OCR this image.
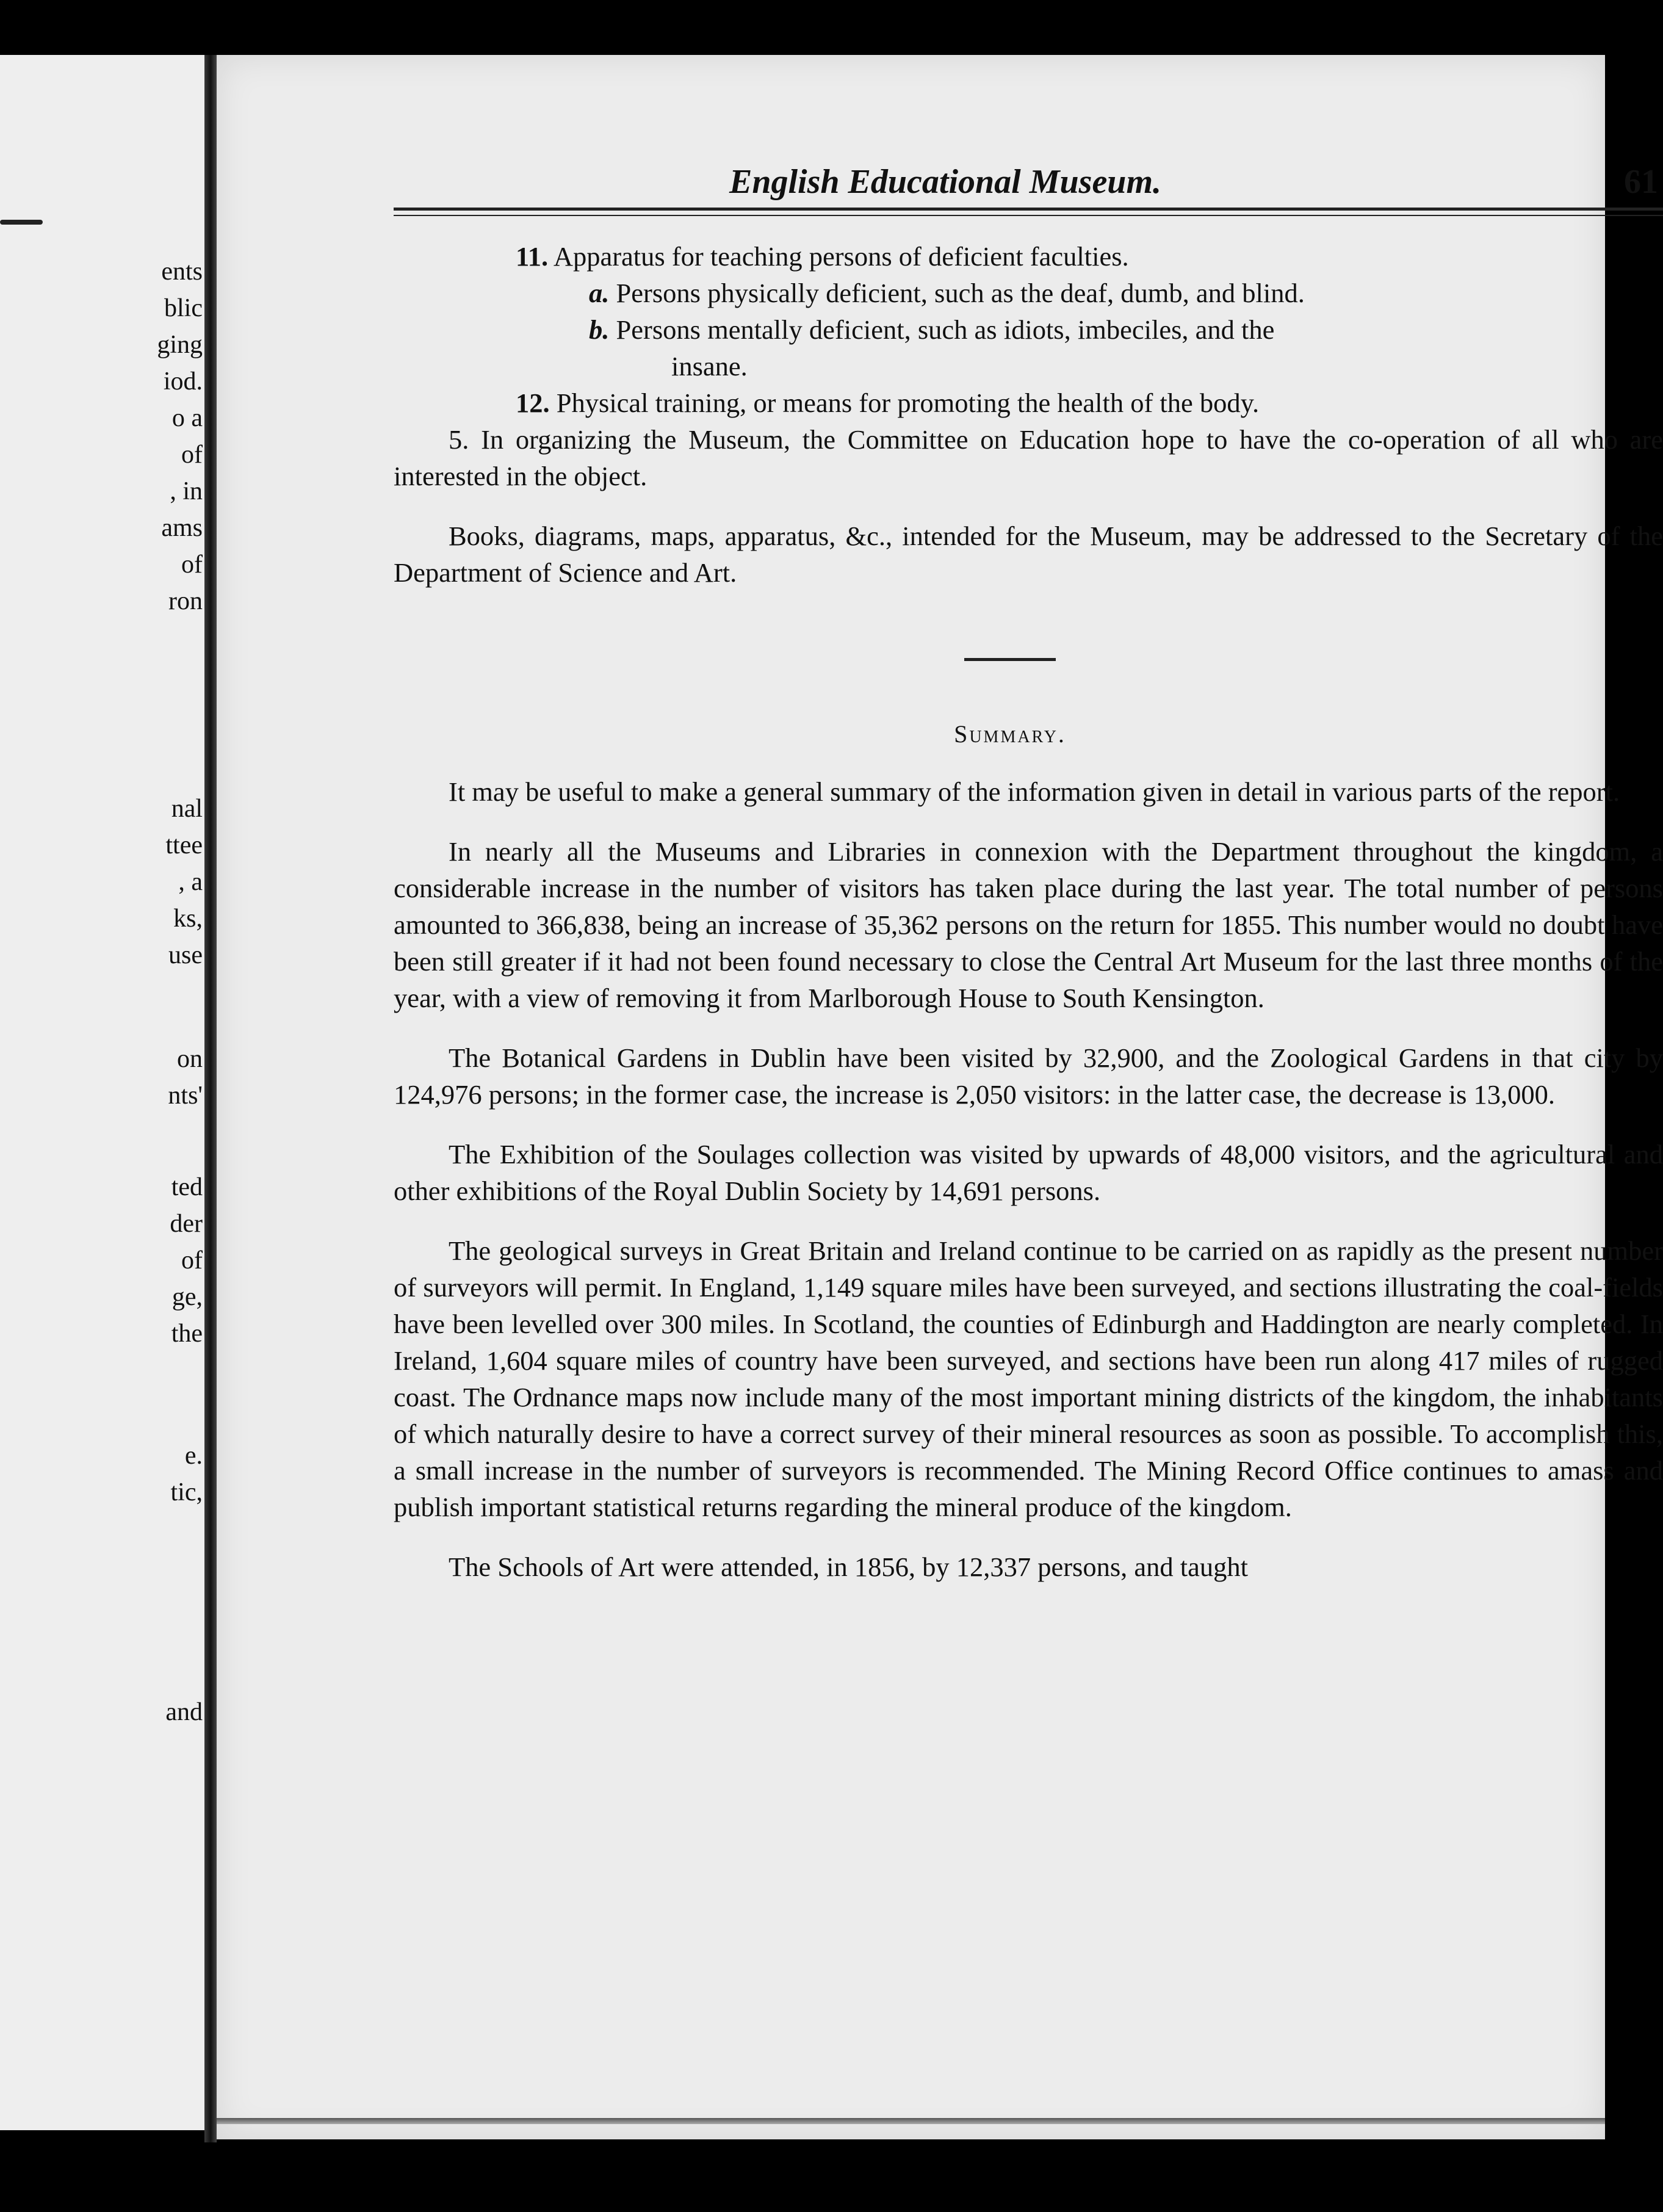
ents
blic
ging
iod.
o a
of
, in
ams
of
ron
nal
ttee
, a
ks,
use
on
nts'
ted
der
of
ge,
the
e.
tic,
and
English Educational Museum.	61

11. Apparatus for teaching persons of deficient faculties.

a. Persons physically deficient, such as the deaf, dumb, and blind.

b. Persons mentally deficient, such as idiots, imbeciles, and the
insane.

12. Physical training, or means for promoting the health of the body.

5. In organizing the Museum, the Committee on Education hope to have the co-operation of all who are interested in the object.

Books, diagrams, maps, apparatus, &c., intended for the Museum, may be addressed to the Secretary of the Department of Science and Art.

Summary.

It may be useful to make a general summary of the information given in detail in various parts of the report.

In nearly all the Museums and Libraries in connexion with the Department throughout the kingdom, a considerable increase in the number of visitors has taken place during the last year. The total number of persons amounted to 366,838, being an increase of 35,362 persons on the return for 1855. This number would no doubt have been still greater if it had not been found necessary to close the Central Art Museum for the last three months of the year, with a view of removing it from Marlborough House to South Kensington.

The Botanical Gardens in Dublin have been visited by 32,900, and the Zoological Gardens in that city by 124,976 persons; in the former case, the increase is 2,050 visitors: in the latter case, the decrease is 13,000.

The Exhibition of the Soulages collection was visited by upwards of 48,000 visitors, and the agricultural and other exhibitions of the Royal Dublin Society by 14,691 persons.

The geological surveys in Great Britain and Ireland continue to be carried on as rapidly as the present number of surveyors will permit. In England, 1,149 square miles have been surveyed, and sections illustrating the coal-fields have been levelled over 300 miles. In Scotland, the counties of Edinburgh and Haddington are nearly completed. In Ireland, 1,604 square miles of country have been surveyed, and sections have been run along 417 miles of rugged coast. The Ordnance maps now include many of the most important mining districts of the kingdom, the inhabitants of which naturally desire to have a correct survey of their mineral resources as soon as possible. To accomplish this, a small increase in the number of surveyors is recommended. The Mining Record Office continues to amass and publish important statistical returns regarding the mineral produce of the kingdom.

The Schools of Art were attended, in 1856, by 12,337 persons, and taught
